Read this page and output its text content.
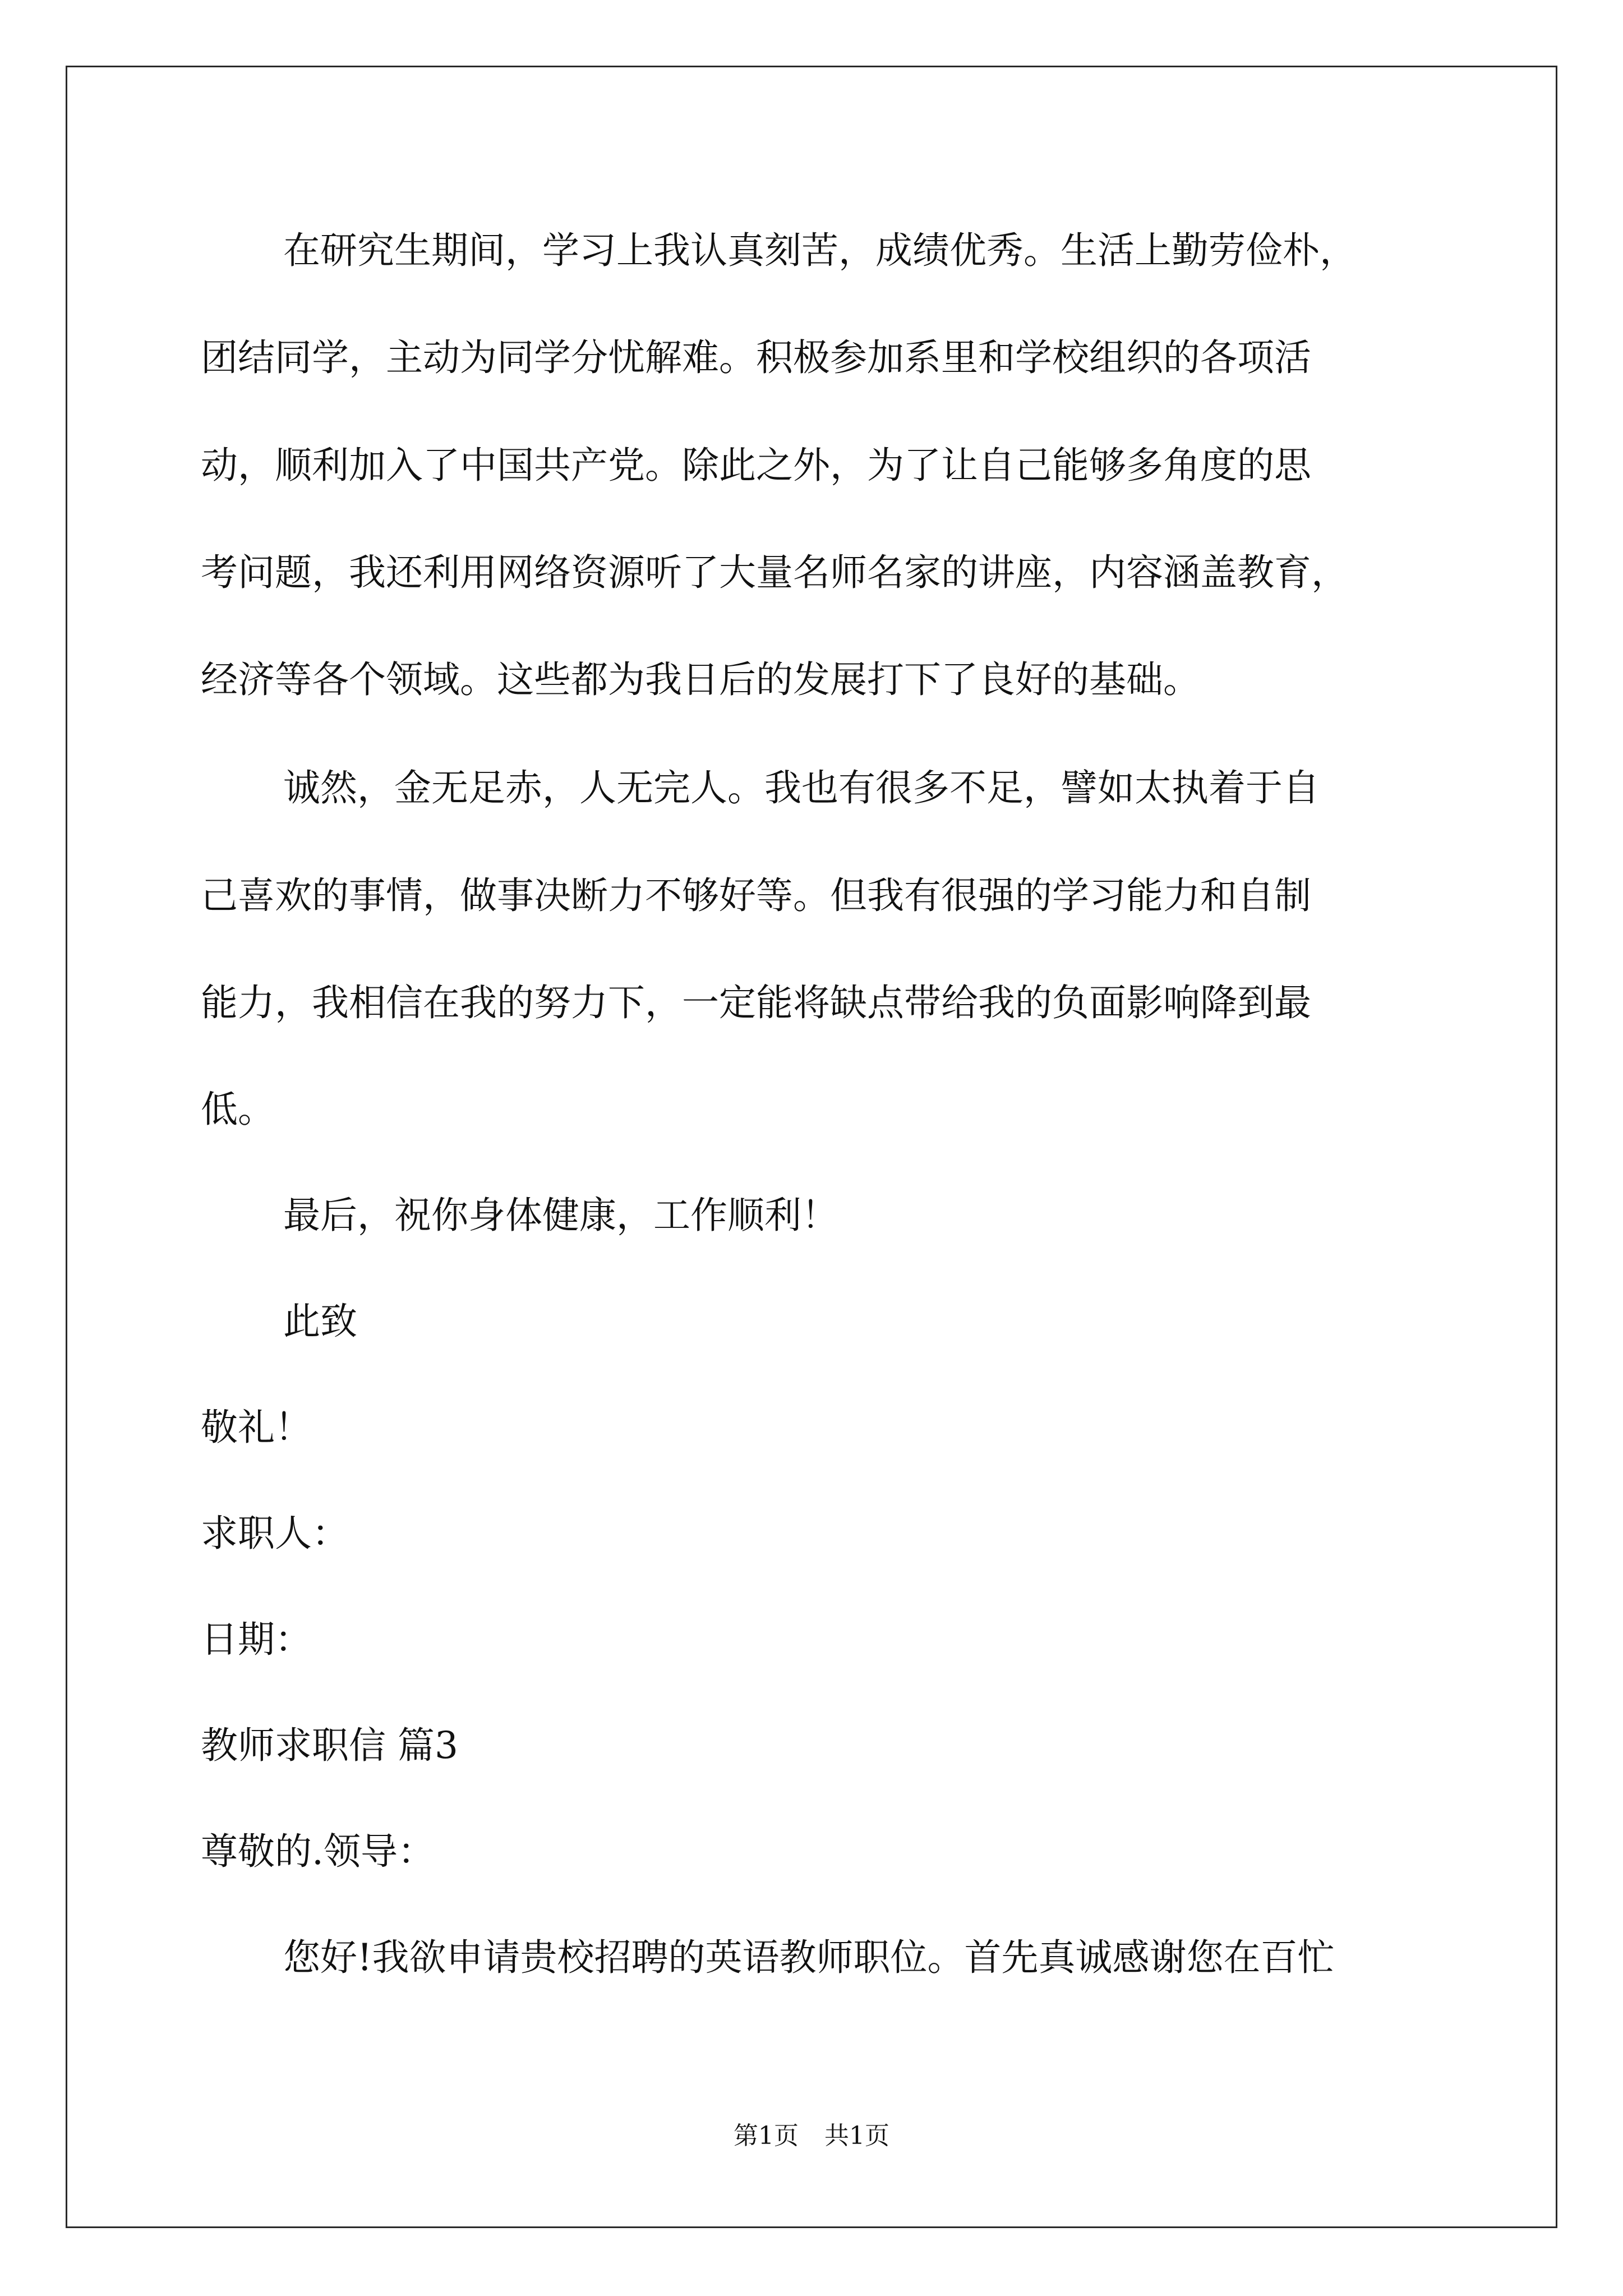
在研究生期间，学习上我认真刻苦，成绩优秀。生活上勤劳俭朴，
团结同学，主动为同学分忧解难。积极参加系里和学校组织的各项活
动，顺利加入了中国共产党。除此之外，为了让自己能够多角度的思
考问题，我还利用网络资源听了大量名师名家的讲座，内容涵盖教育，
经济等各个领域。这些都为我日后的发展打下了良好的基础。
诚然，金无足赤，人无完人。我也有很多不足，譬如太执着于自
己喜欢的事情，做事决断力不够好等。但我有很强的学习能力和自制
能力，我相信在我的努力下，一定能将缺点带给我的负面影响降到最
低。
最后，祝你身体健康，工作顺利！
此致
敬礼！
求职人：
日期：
教师求职信 篇3
尊敬的.领导：
您好!我欲申请贵校招聘的英语教师职位。首先真诚感谢您在百忙
第1页 共1页
